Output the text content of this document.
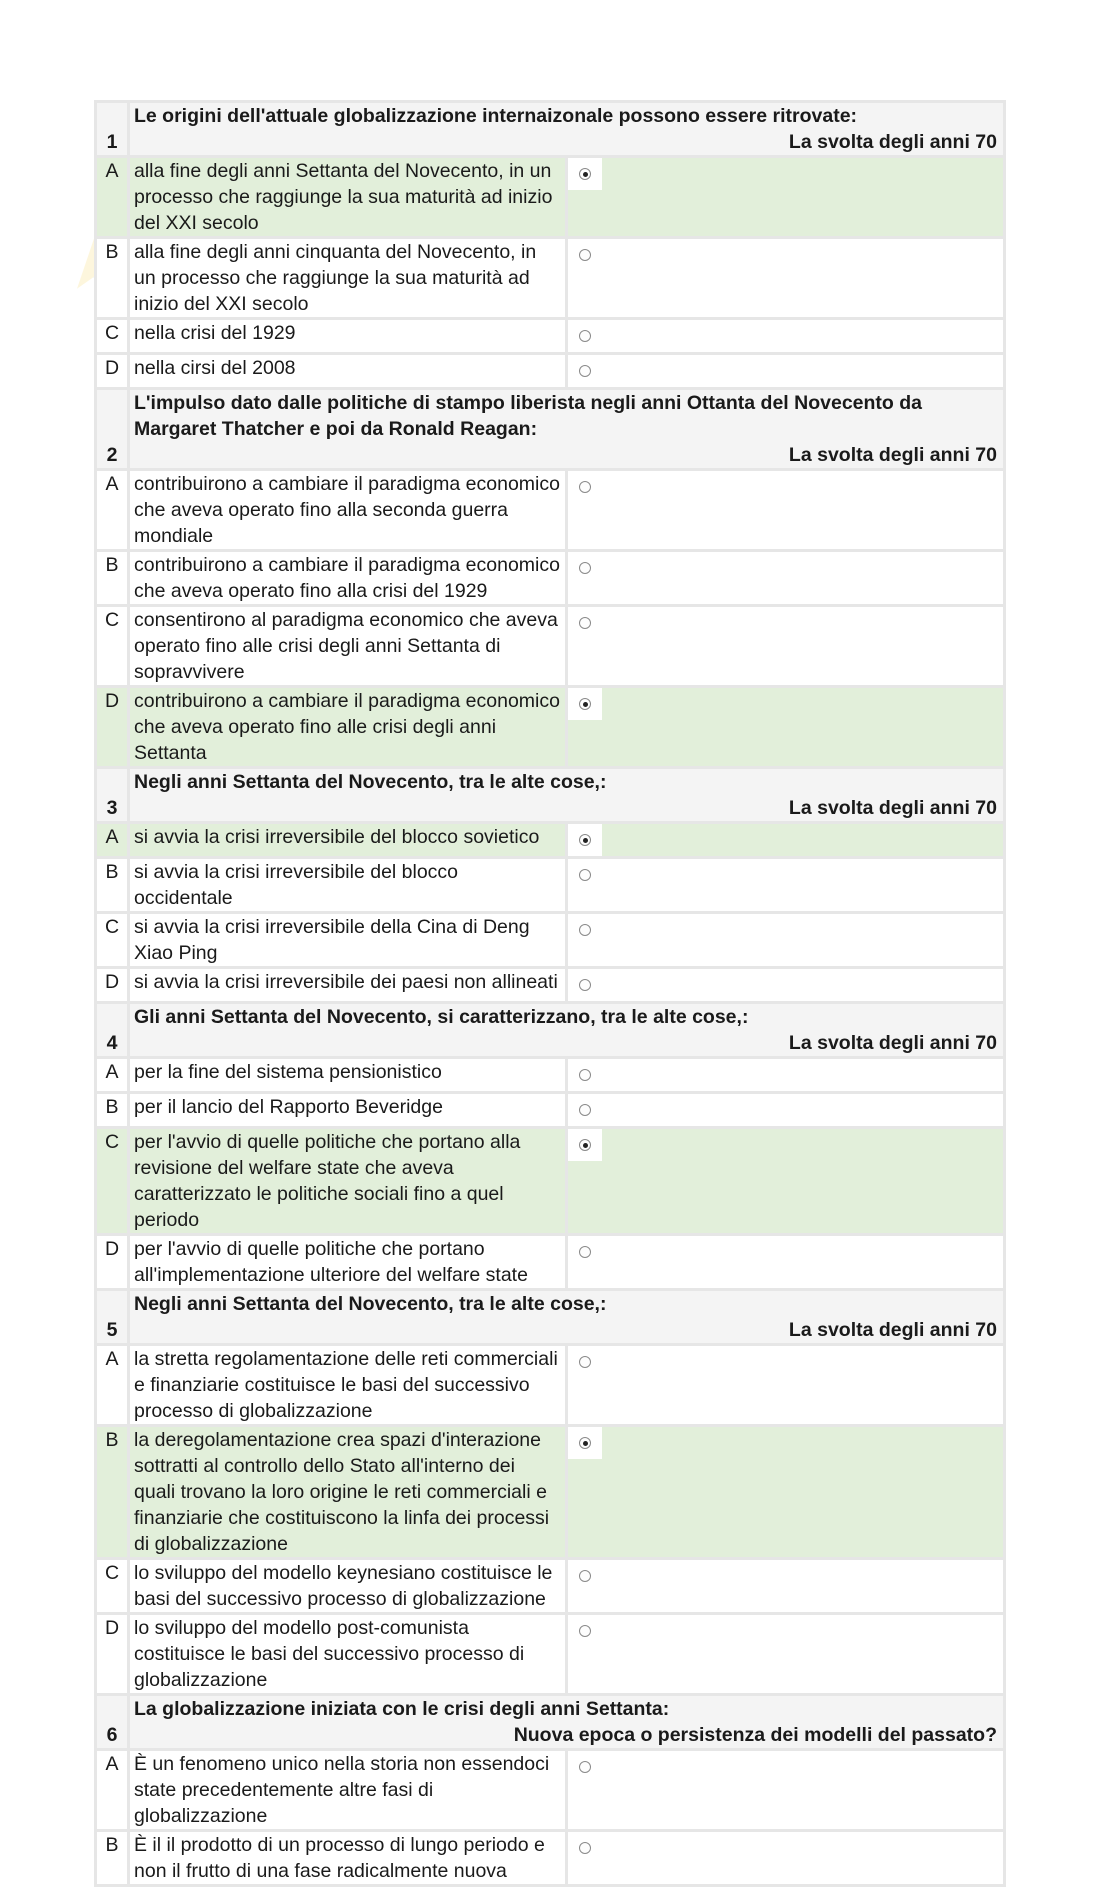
1	Le origini dell'attuale globalizzazione internaizonale possono essere ritrovate:
La svolta degli anni 70	

A	alla fine degli anni Settanta del Novecento, in un processo che raggiunge la sua maturità ad inizio del XXI secolo	

B	alla fine degli anni cinquanta del Novecento, in un processo che raggiunge la sua maturità ad inizio del XXI secolo	

C	nella crisi del 1929	

D	nella cirsi del 2008	

2	L'impulso dato dalle politiche di stampo liberista negli anni Ottanta del Novecento da Margaret Thatcher e poi da Ronald Reagan:
La svolta degli anni 70	

A	contribuirono a cambiare il paradigma economico che aveva operato fino alla seconda guerra mondiale	

B	contribuirono a cambiare il paradigma economico che aveva operato fino alla crisi del 1929	

C	consentirono al paradigma economico che aveva operato fino alle crisi degli anni Settanta di sopravvivere	

D	contribuirono a cambiare il paradigma economico che aveva operato fino alle crisi degli anni Settanta	

3	Negli anni Settanta del Novecento, tra le alte cose,:
La svolta degli anni 70	

A	si avvia la crisi irreversibile del blocco sovietico	

B	si avvia la crisi irreversibile del blocco occidentale	

C	si avvia la crisi irreversibile della Cina di Deng Xiao Ping	

D	si avvia la crisi irreversibile dei paesi non allineati	

4	Gli anni Settanta del Novecento, si caratterizzano, tra le alte cose,:
La svolta degli anni 70	

A	per la fine del sistema pensionistico	

B	per il lancio del Rapporto Beveridge	

C	per l'avvio di quelle politiche che portano alla revisione del welfare state che aveva caratterizzato le politiche sociali fino a quel periodo	

D	per l'avvio di quelle politiche che portano all'implementazione ulteriore del welfare state	

5	Negli anni Settanta del Novecento, tra le alte cose,:
La svolta degli anni 70	

A	la stretta regolamentazione delle reti commerciali e finanziarie costituisce le basi del successivo processo di globalizzazione	

B	la deregolamentazione crea spazi d'interazione sottratti al controllo dello Stato all'interno dei quali trovano la loro origine le reti commerciali e finanziarie che costituiscono la linfa dei processi di globalizzazione	

C	lo sviluppo del modello keynesiano costituisce le basi del successivo processo di globalizzazione	

D	lo sviluppo del modello post-comunista costituisce le basi del successivo processo di globalizzazione	

6	La globalizzazione iniziata con le crisi degli anni Settanta:
Nuova epoca o persistenza dei modelli del passato?	

A	È un fenomeno unico nella storia non essendoci state precedentemente altre fasi di globalizzazione	

B	È il il prodotto di un processo di lungo periodo e non il frutto di una fase radicalmente nuova	
